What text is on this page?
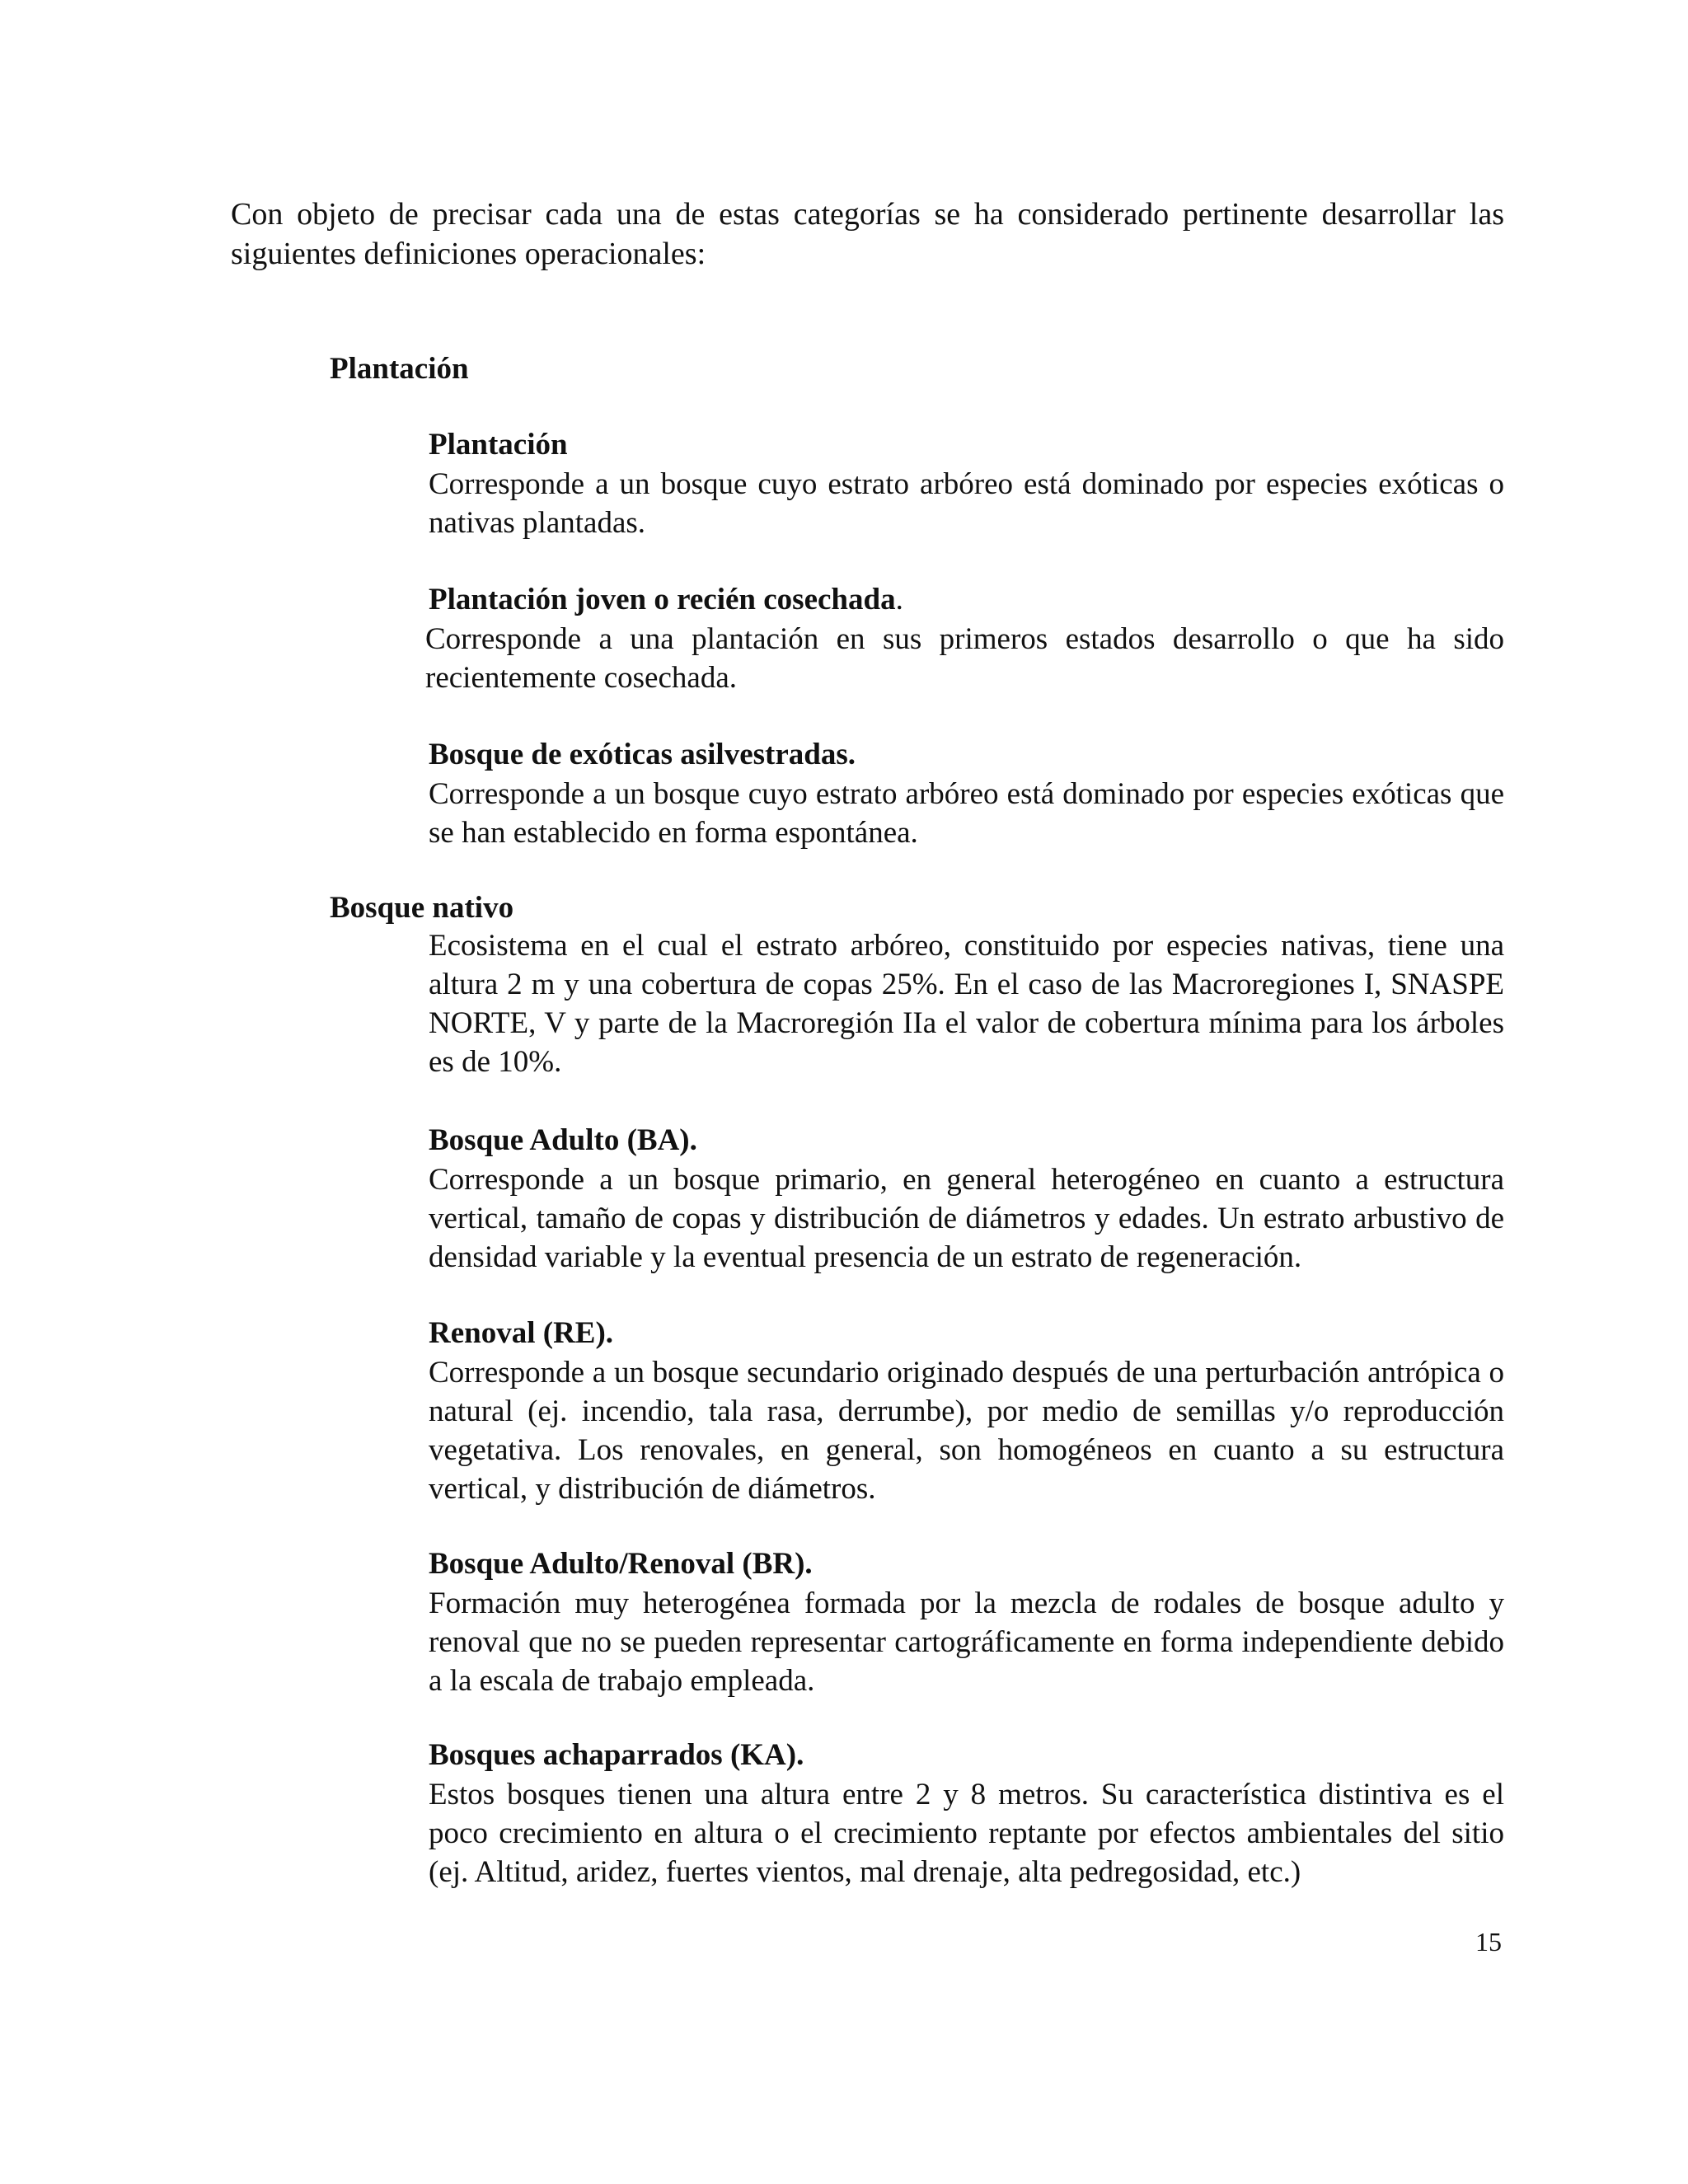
Con objeto de precisar cada una de estas categorías se ha considerado pertinente desarrollar las siguientes definiciones operacionales:

Plantación

Plantación

Corresponde a un bosque cuyo estrato arbóreo está dominado por especies exóticas o nativas plantadas.

Plantación joven o recién cosechada.

Corresponde a una plantación en sus primeros estados desarrollo o que ha sido recientemente cosechada.

Bosque de exóticas asilvestradas.

Corresponde a un bosque cuyo estrato arbóreo está dominado por especies exóticas que se han establecido en forma espontánea.

Bosque nativo

Ecosistema en el cual el estrato arbóreo, constituido por especies nativas, tiene una altura 2 m y una cobertura de copas 25%. En el caso de las Macroregiones I, SNASPE NORTE, V y parte de la Macroregión IIa el valor de cobertura mínima para los árboles es de 10%.

Bosque Adulto (BA).

Corresponde a un bosque primario, en general heterogéneo en cuanto a estructura vertical, tamaño de copas y distribución de diámetros y edades. Un estrato arbustivo de densidad variable y la eventual presencia de un estrato de regeneración.

Renoval (RE).

Corresponde a un bosque secundario originado después de una perturbación antrópica o natural (ej. incendio, tala rasa, derrumbe), por medio de semillas y/o reproducción vegetativa. Los renovales, en general, son homogéneos en cuanto a su estructura vertical, y distribución de diámetros.

Bosque Adulto/Renoval (BR).

Formación muy heterogénea formada por la mezcla de rodales de bosque adulto y renoval que no se pueden representar cartográficamente en forma independiente debido a la escala de trabajo empleada.

Bosques achaparrados (KA).

Estos bosques tienen una altura entre 2 y 8 metros. Su característica distintiva es el poco crecimiento en altura o el crecimiento reptante por efectos ambientales del sitio (ej. Altitud, aridez, fuertes vientos, mal drenaje, alta pedregosidad, etc.)

15
